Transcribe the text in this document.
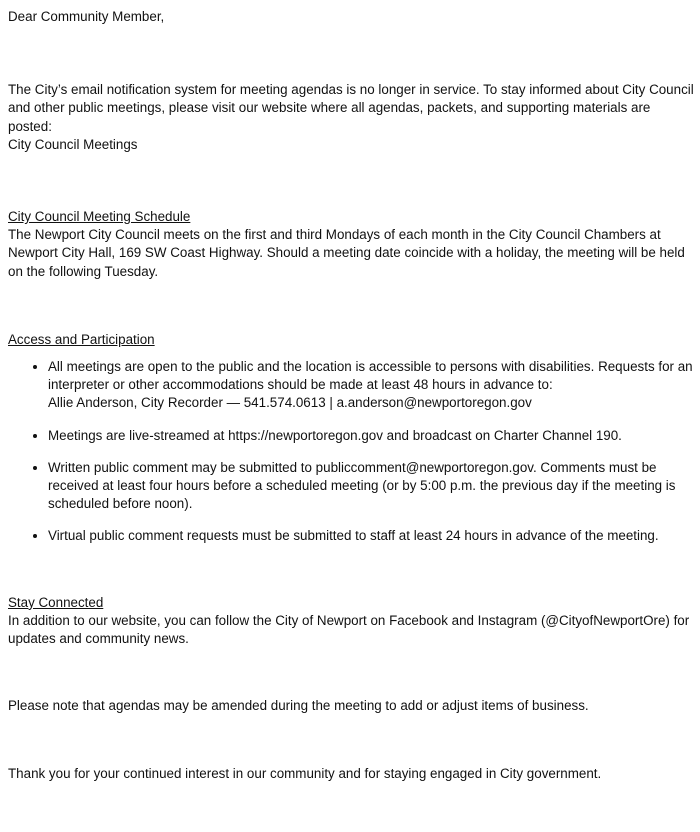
Dear Community Member,

The City’s email notification system for meeting agendas is no longer in service. To stay informed about City Council and other public meetings, please visit our website where all agendas, packets, and supporting materials are posted:

City Council Meetings

City Council Meeting Schedule

The Newport City Council meets on the first and third Mondays of each month in the City Council Chambers at Newport City Hall, 169 SW Coast Highway. Should a meeting date coincide with a holiday, the meeting will be held on the following Tuesday.

Access and Participation

• All meetings are open to the public and the location is accessible to persons with disabilities. Requests for an interpreter or other accommodations should be made at least 48 hours in advance to:
Allie Anderson, City Recorder — 541.574.0613 | a.anderson@newportoregon.gov
• Meetings are live-streamed at https://newportoregon.gov and broadcast on Charter Channel 190.
• Written public comment may be submitted to publiccomment@newportoregon.gov. Comments must be received at least four hours before a scheduled meeting (or by 5:00 p.m. the previous day if the meeting is scheduled before noon).
• Virtual public comment requests must be submitted to staff at least 24 hours in advance of the meeting.

Stay Connected

In addition to our website, you can follow the City of Newport on Facebook and Instagram (@CityofNewportOre) for updates and community news.

Please note that agendas may be amended during the meeting to add or adjust items of business.

Thank you for your continued interest in our community and for staying engaged in City government.
